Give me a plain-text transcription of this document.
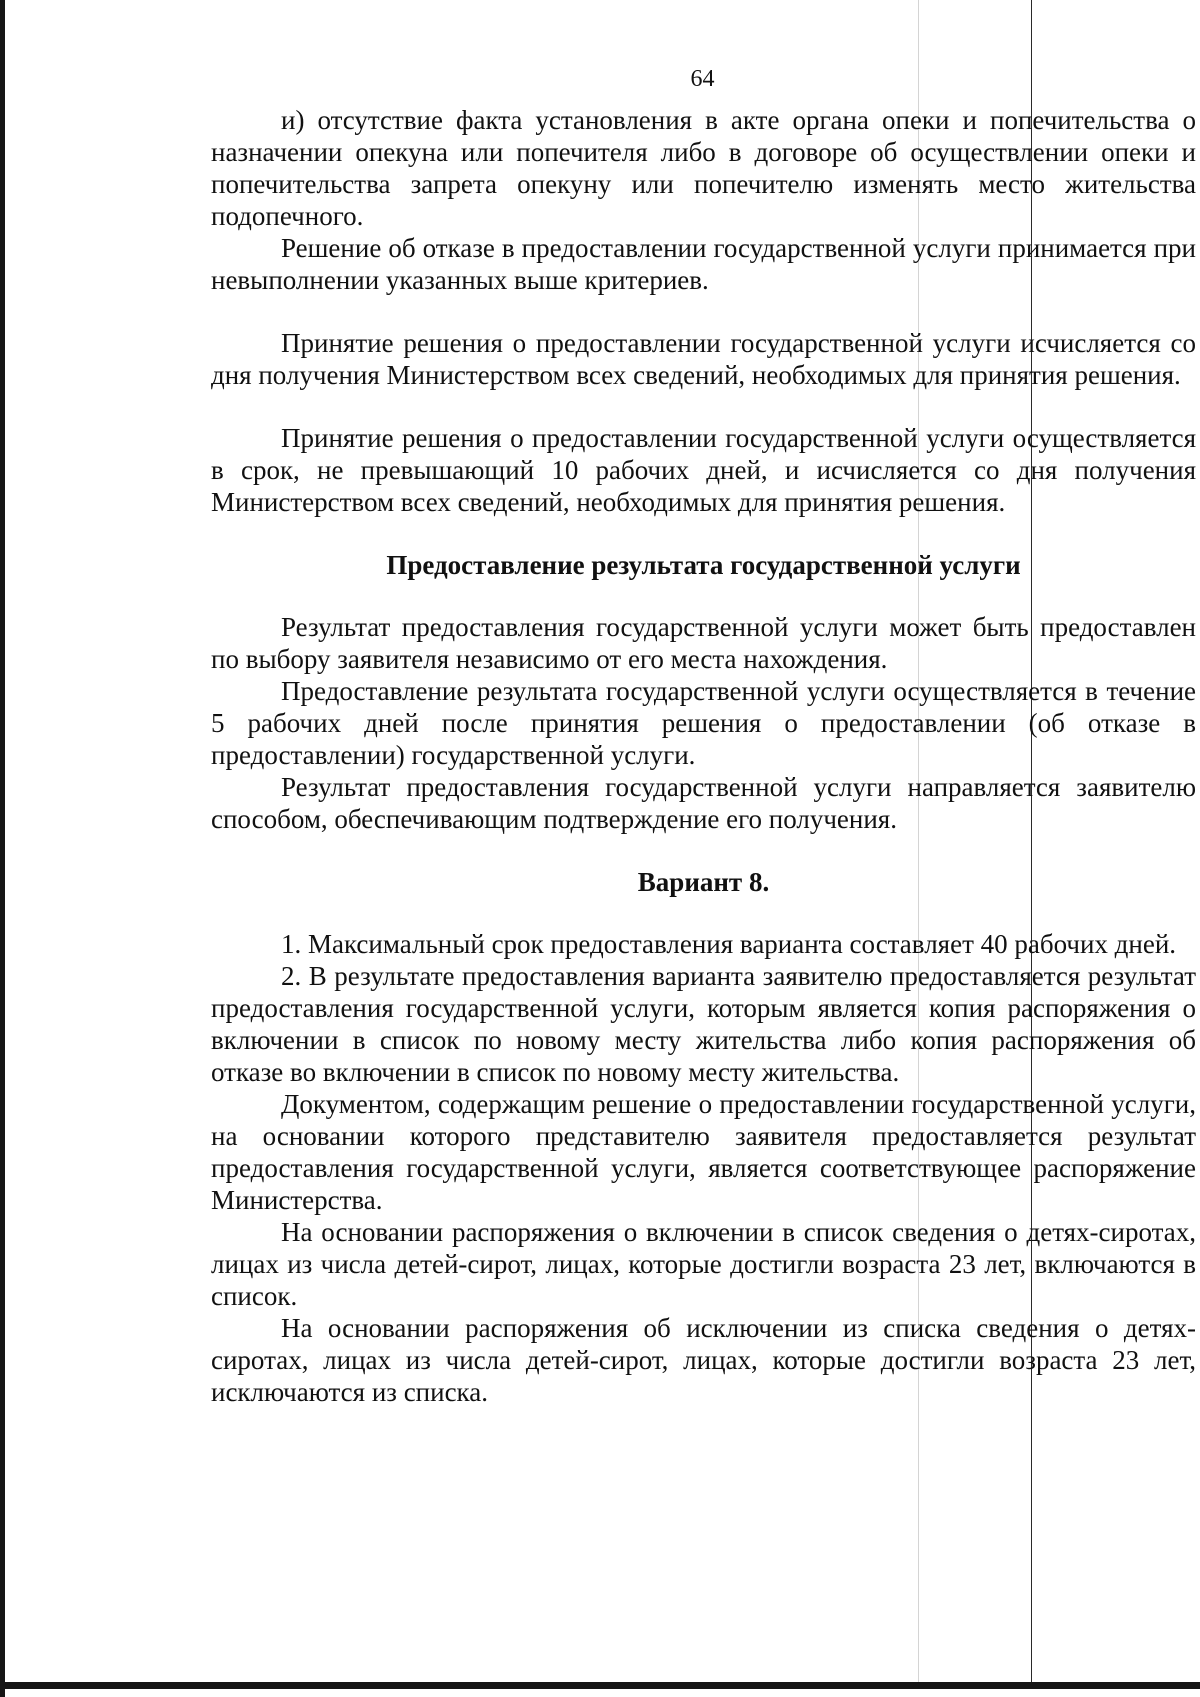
64

и) отсутствие факта установления в акте органа опеки и попечительства о назначении опекуна или попечителя либо в договоре об осуществлении опеки и попечительства запрета опекуну или попечителю изменять место жительства подопечного.

Решение об отказе в предоставлении государственной услуги принимается при невыполнении указанных выше критериев.

Принятие решения о предоставлении государственной услуги исчисляется со дня получения Министерством всех сведений, необходимых для принятия решения.

Принятие решения о предоставлении государственной услуги осуществляется в срок, не превышающий 10 рабочих дней, и исчисляется со дня получения Министерством всех сведений, необходимых для принятия решения.

Предоставление результата государственной услуги

Результат предоставления государственной услуги может быть предоставлен по выбору заявителя независимо от его места нахождения.

Предоставление результата государственной услуги осуществляется в течение 5 рабочих дней после принятия решения о предоставлении (об отказе в предоставлении) государственной услуги.

Результат предоставления государственной услуги направляется заявителю способом, обеспечивающим подтверждение его получения.

Вариант 8.

1. Максимальный срок предоставления варианта составляет 40 рабочих дней.

2. В результате предоставления варианта заявителю предоставляется результат предоставления государственной услуги, которым является копия распоряжения о включении в список по новому месту жительства либо копия распоряжения об отказе во включении в список по новому месту жительства.

Документом, содержащим решение о предоставлении государственной услуги, на основании которого представителю заявителя предоставляется результат предоставления государственной услуги, является соответствующее распоряжение Министерства.

На основании распоряжения о включении в список сведения о детях-сиротах, лицах из числа детей-сирот, лицах, которые достигли возраста 23 лет, включаются в список.

На основании распоряжения об исключении из списка сведения о детях-сиротах, лицах из числа детей-сирот, лицах, которые достигли возраста 23 лет, исключаются из списка.
